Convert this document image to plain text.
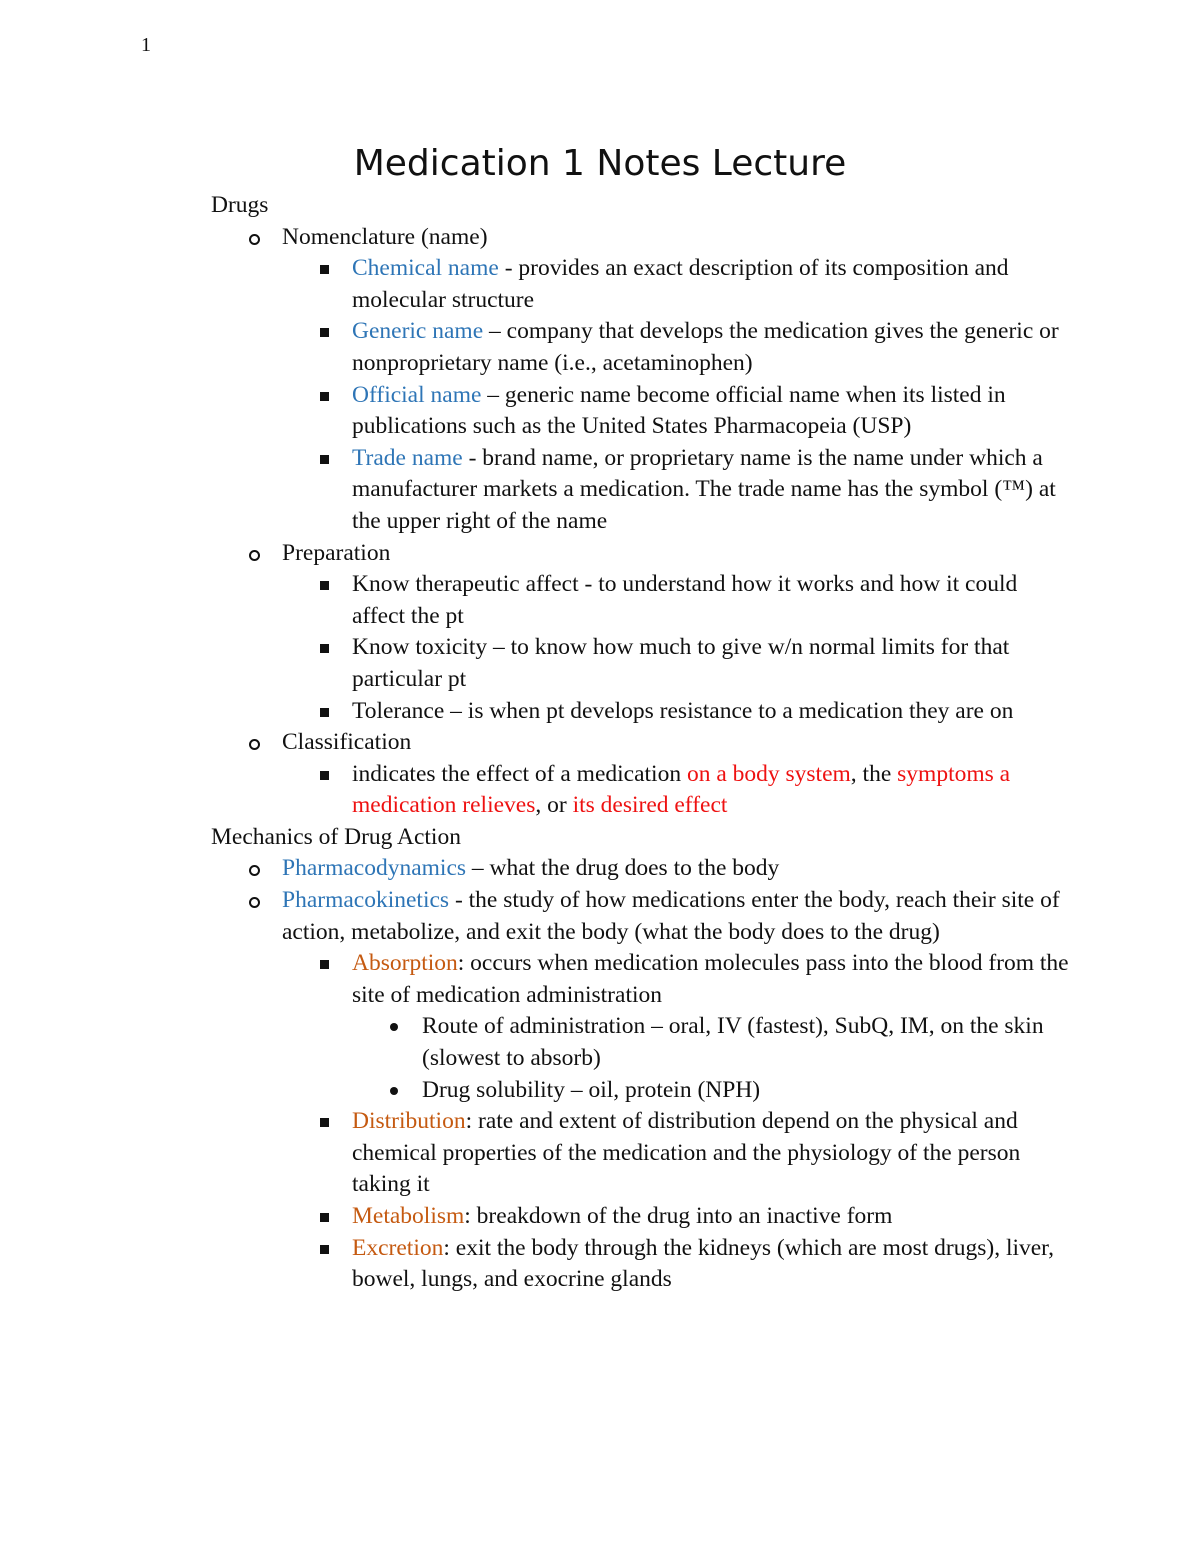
1
Medication 1 Notes Lecture

Drugs

Nomenclature (name)

Chemical name - provides an exact description of its composition and molecular structure

Generic name – company that develops the medication gives the generic or nonproprietary name (i.e., acetaminophen)

Official name – generic name become official name when its listed in publications such as the United States Pharmacopeia (USP)

Trade name - brand name, or proprietary name is the name under which a manufacturer markets a medication. The trade name has the symbol (™) at the upper right of the name

Preparation

Know therapeutic affect - to understand how it works and how it could affect the pt

Know toxicity – to know how much to give w/n normal limits for that particular pt

Tolerance – is when pt develops resistance to a medication they are on

Classification

indicates the effect of a medication on a body system, the symptoms a medication relieves, or its desired effect

Mechanics of Drug Action

Pharmacodynamics – what the drug does to the body

Pharmacokinetics - the study of how medications enter the body, reach their site of action, metabolize, and exit the body (what the body does to the drug)

Absorption: occurs when medication molecules pass into the blood from the site of medication administration

Route of administration – oral, IV (fastest), SubQ, IM, on the skin (slowest to absorb)

Drug solubility – oil, protein (NPH)

Distribution: rate and extent of distribution depend on the physical and chemical properties of the medication and the physiology of the person taking it

Metabolism: breakdown of the drug into an inactive form

Excretion: exit the body through the kidneys (which are most drugs), liver, bowel, lungs, and exocrine glands
